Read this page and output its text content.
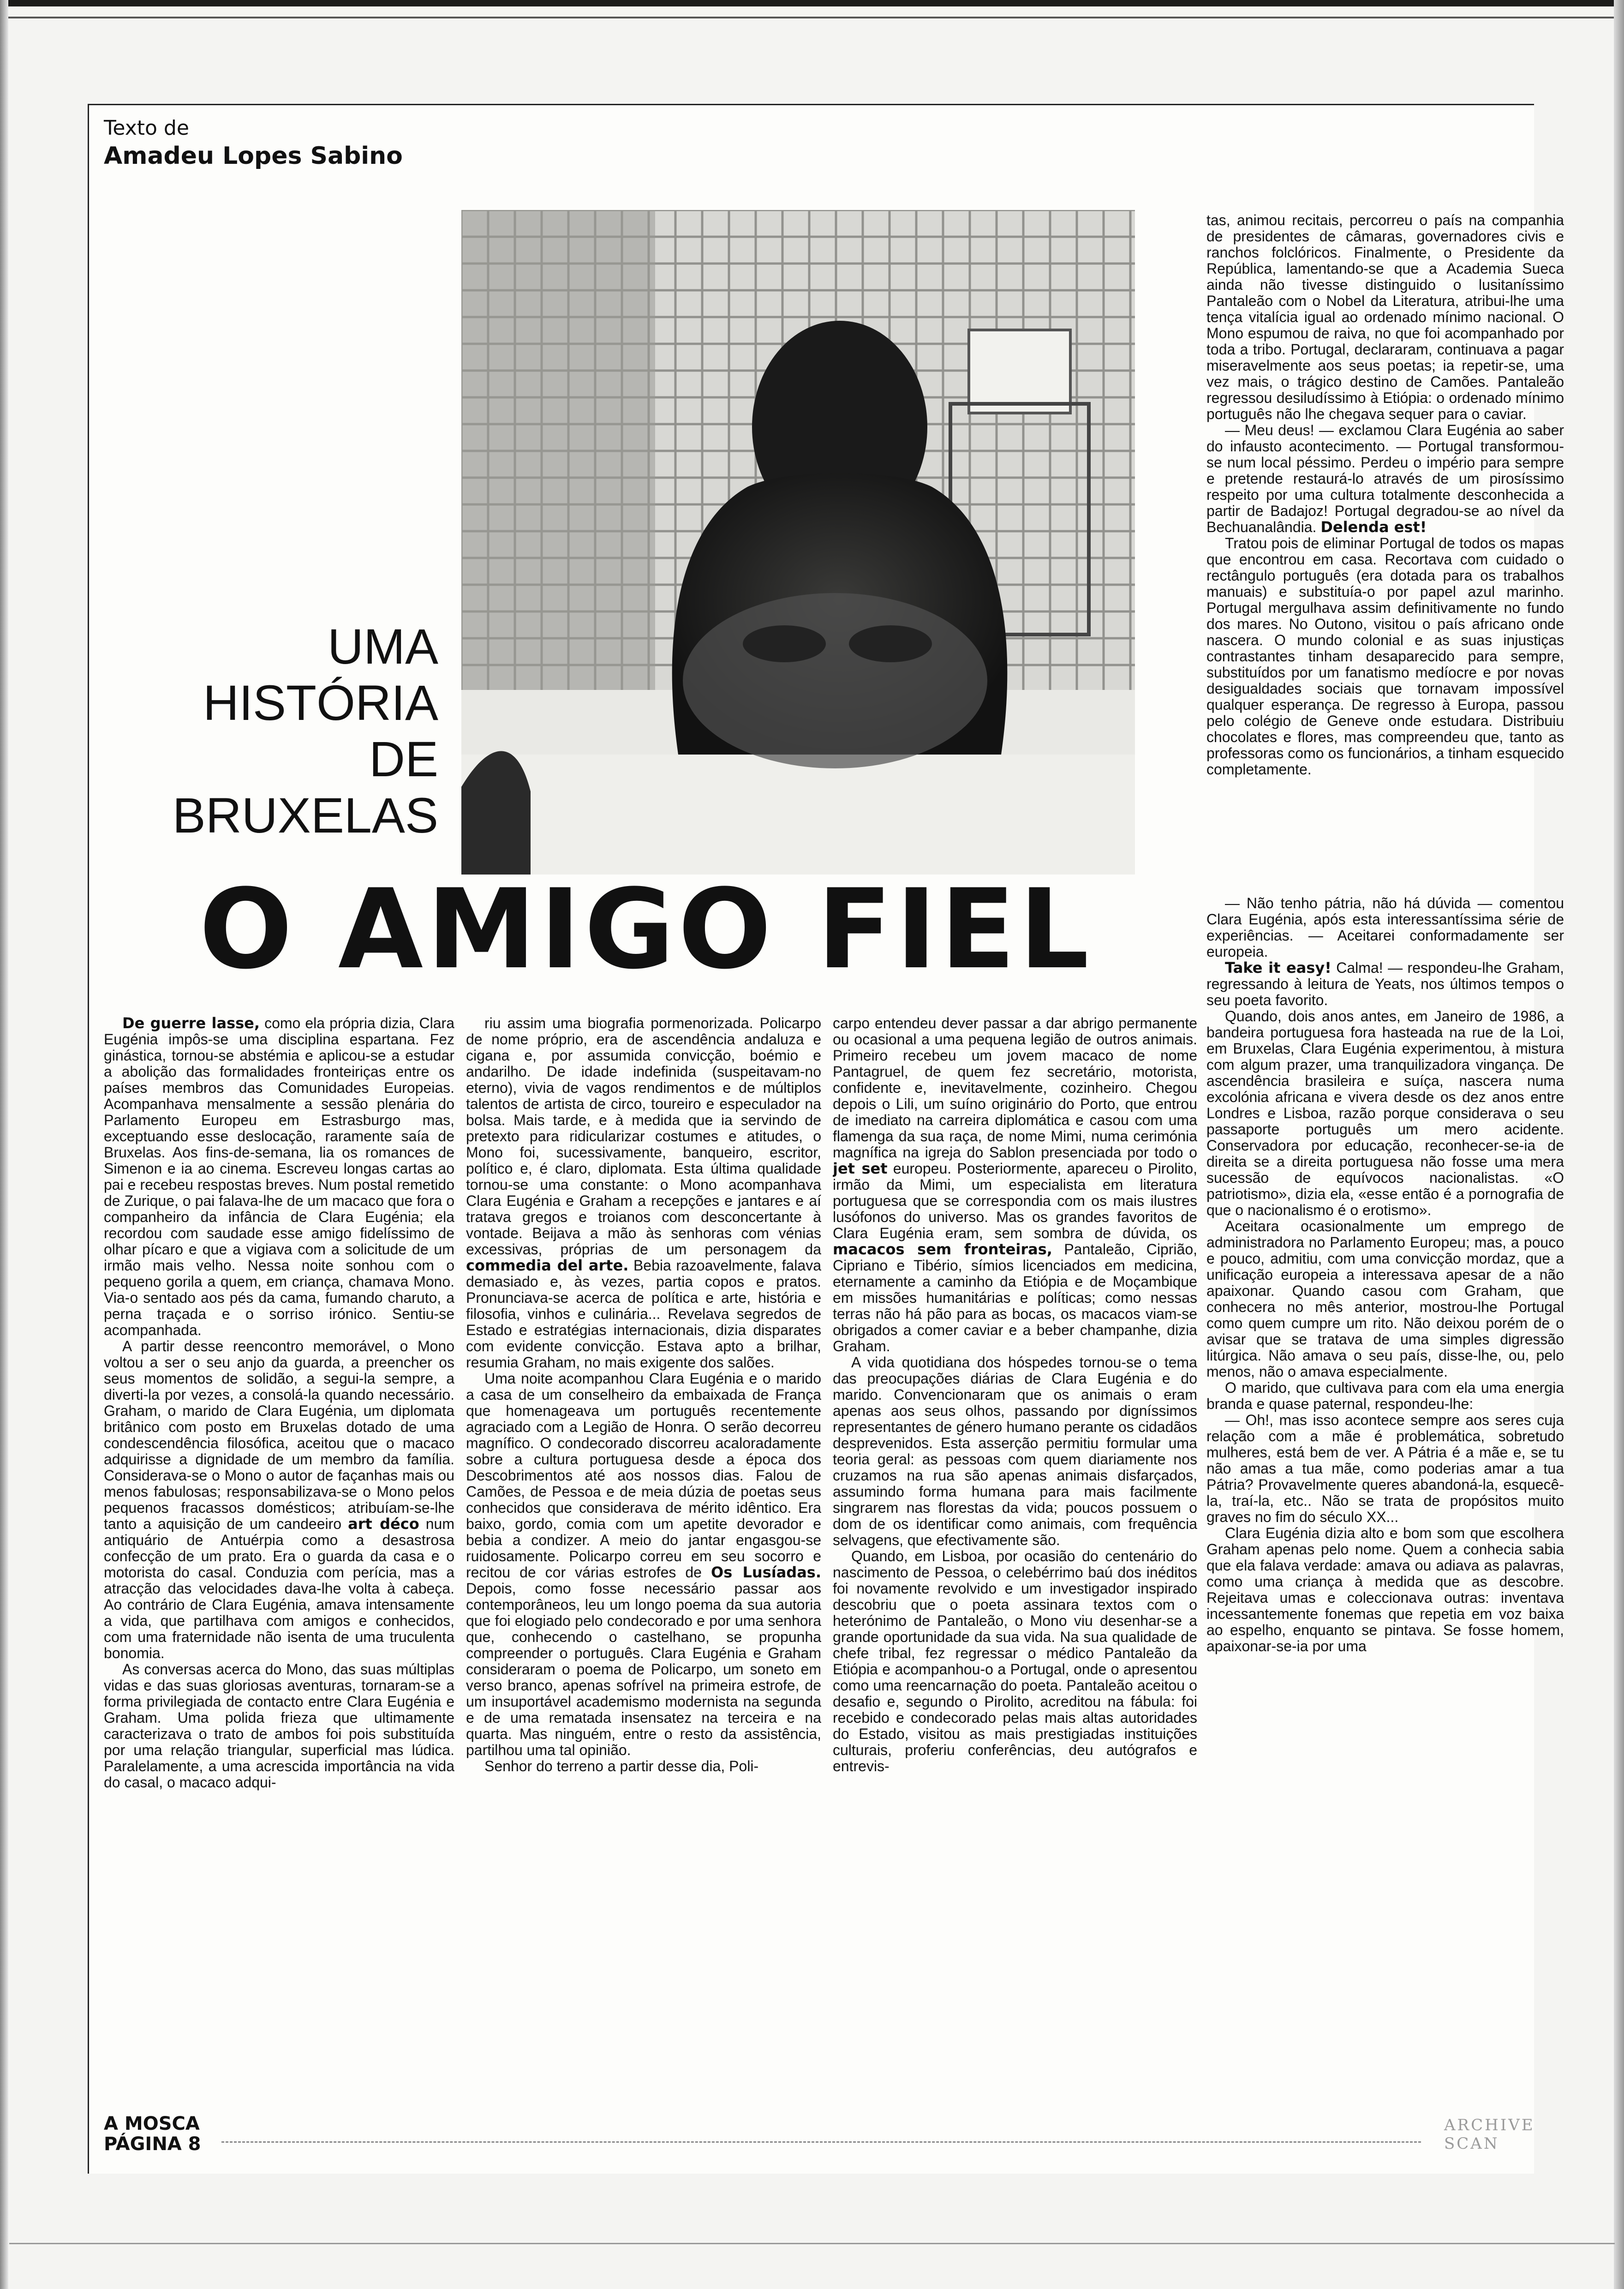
Texto de
Amadeu Lopes Sabino
UMA
HISTÓRIA
DE
BRUXELAS
O AMIGO FIEL

tas, animou recitais, percorreu o país na companhia de presidentes de câmaras, governadores civis e ranchos folclóricos. Finalmente, o Presidente da República, lamentando-se que a Academia Sueca ainda não tivesse distinguido o lusitaníssimo Pantaleão com o Nobel da Literatura, atribui-lhe uma tença vitalícia igual ao ordenado mínimo nacional. O Mono espumou de raiva, no que foi acompanhado por toda a tribo. Portugal, declararam, continuava a pagar miseravelmente aos seus poetas; ia repetir-se, uma vez mais, o trágico destino de Camões. Pantaleão regressou desiludíssimo à Etiópia: o ordenado mínimo português não lhe chegava sequer para o caviar.

— Meu deus! — exclamou Clara Eugénia ao saber do infausto acontecimento. — Portugal transformou-se num local péssimo. Perdeu o império para sempre e pretende restaurá-lo através de um pirosíssimo respeito por uma cultura totalmente desconhecida a partir de Badajoz! Portugal degradou-se ao nível da Bechuanalândia. Delenda est!

Tratou pois de eliminar Portugal de todos os mapas que encontrou em casa. Recortava com cuidado o rectângulo português (era dotada para os trabalhos manuais) e substituía-o por papel azul marinho. Portugal mergulhava assim definitivamente no fundo dos mares. No Outono, visitou o país africano onde nascera. O mundo colonial e as suas injustiças contrastantes tinham desaparecido para sempre, substituídos por um fanatismo medíocre e por novas desigualdades sociais que tornavam impossível qualquer esperança. De regresso à Europa, passou pelo colégio de Geneve onde estudara. Distribuiu chocolates e flores, mas compreendeu que, tanto as professoras como os funcionários, a tinham esquecido completamente.

De guerre lasse, como ela própria dizia, Clara Eugénia impôs-se uma disciplina espartana. Fez ginástica, tornou-se abstémia e aplicou-se a estudar a abolição das formalidades fronteiriças entre os países membros das Comunidades Europeias. Acompanhava mensalmente a sessão plenária do Parlamento Europeu em Estrasburgo mas, exceptuando esse deslocação, raramente saía de Bruxelas. Aos fins-de-semana, lia os romances de Simenon e ia ao cinema. Escreveu longas cartas ao pai e recebeu respostas breves. Num postal remetido de Zurique, o pai falava-lhe de um macaco que fora o companheiro da infância de Clara Eugénia; ela recordou com saudade esse amigo fidelíssimo de olhar pícaro e que a vigiava com a solicitude de um irmão mais velho. Nessa noite sonhou com o pequeno gorila a quem, em criança, chamava Mono. Via-o sentado aos pés da cama, fumando charuto, a perna traçada e o sorriso irónico. Sentiu-se acompanhada.

A partir desse reencontro memorável, o Mono voltou a ser o seu anjo da guarda, a preencher os seus momentos de solidão, a segui-la sempre, a diverti-la por vezes, a consolá-la quando necessário. Graham, o marido de Clara Eugénia, um diplomata britânico com posto em Bruxelas dotado de uma condescendência filosófica, aceitou que o macaco adquirisse a dignidade de um membro da família. Considerava-se o Mono o autor de façanhas mais ou menos fabulosas; responsabilizava-se o Mono pelos pequenos fracassos domésticos; atribuíam-se-lhe tanto a aquisição de um candeeiro art déco num antiquário de Antuérpia como a desastrosa confecção de um prato. Era o guarda da casa e o motorista do casal. Conduzia com perícia, mas a atracção das velocidades dava-lhe volta à cabeça. Ao contrário de Clara Eugénia, amava intensamente a vida, que partilhava com amigos e conhecidos, com uma fraternidade não isenta de uma truculenta bonomia.

As conversas acerca do Mono, das suas múltiplas vidas e das suas gloriosas aventuras, tornaram-se a forma privilegiada de contacto entre Clara Eugénia e Graham. Uma polida frieza que ultimamente caracterizava o trato de ambos foi pois substituída por uma relação triangular, superficial mas lúdica. Paralelamente, a uma acrescida importância na vida do casal, o macaco adqui-

riu assim uma biografia pormenorizada. Policarpo de nome próprio, era de ascendência andaluza e cigana e, por assumida convicção, boémio e andarilho. De idade indefinida (suspeitavam-no eterno), vivia de vagos rendimentos e de múltiplos talentos de artista de circo, toureiro e especulador na bolsa. Mais tarde, e à medida que ia servindo de pretexto para ridicularizar costumes e atitudes, o Mono foi, sucessivamente, banqueiro, escritor, político e, é claro, diplomata. Esta última qualidade tornou-se uma constante: o Mono acompanhava Clara Eugénia e Graham a recepções e jantares e aí tratava gregos e troianos com desconcertante à vontade. Beijava a mão às senhoras com vénias excessivas, próprias de um personagem da commedia del arte. Bebia razoavelmente, falava demasiado e, às vezes, partia copos e pratos. Pronunciava-se acerca de política e arte, história e filosofia, vinhos e culinária... Revelava segredos de Estado e estratégias internacionais, dizia disparates com evidente convicção. Estava apto a brilhar, resumia Graham, no mais exigente dos salões.

Uma noite acompanhou Clara Eugénia e o marido a casa de um conselheiro da embaixada de França que homenageava um português recentemente agraciado com a Legião de Honra. O serão decorreu magnífico. O condecorado discorreu acaloradamente sobre a cultura portuguesa desde a época dos Descobrimentos até aos nossos dias. Falou de Camões, de Pessoa e de meia dúzia de poetas seus conhecidos que considerava de mérito idêntico. Era baixo, gordo, comia com um apetite devorador e bebia a condizer. A meio do jantar engasgou-se ruidosamente. Policarpo correu em seu socorro e recitou de cor várias estrofes de Os Lusíadas. Depois, como fosse necessário passar aos contemporâneos, leu um longo poema da sua autoria que foi elogiado pelo condecorado e por uma senhora que, conhecendo o castelhano, se propunha compreender o português. Clara Eugénia e Graham consideraram o poema de Policarpo, um soneto em verso branco, apenas sofrível na primeira estrofe, de um insuportável academismo modernista na segunda e de uma rematada insensatez na terceira e na quarta. Mas ninguém, entre o resto da assistência, partilhou uma tal opinião.

Senhor do terreno a partir desse dia, Poli-

carpo entendeu dever passar a dar abrigo permanente ou ocasional a uma pequena legião de outros animais. Primeiro recebeu um jovem macaco de nome Pantagruel, de quem fez secretário, motorista, confidente e, inevitavelmente, cozinheiro. Chegou depois o Lili, um suíno originário do Porto, que entrou de imediato na carreira diplomática e casou com uma flamenga da sua raça, de nome Mimi, numa cerimónia magnífica na igreja do Sablon presenciada por todo o jet set europeu. Posteriormente, apareceu o Pirolito, irmão da Mimi, um especialista em literatura portuguesa que se correspondia com os mais ilustres lusófonos do universo. Mas os grandes favoritos de Clara Eugénia eram, sem sombra de dúvida, os macacos sem fronteiras, Pantaleão, Ciprião, Cipriano e Tibério, símios licenciados em medicina, eternamente a caminho da Etiópia e de Moçambique em missões humanitárias e políticas; como nessas terras não há pão para as bocas, os macacos viam-se obrigados a comer caviar e a beber champanhe, dizia Graham.

A vida quotidiana dos hóspedes tornou-se o tema das preocupações diárias de Clara Eugénia e do marido. Convencionaram que os animais o eram apenas aos seus olhos, passando por digníssimos representantes de género humano perante os cidadãos desprevenidos. Esta asserção permitiu formular uma teoria geral: as pessoas com quem diariamente nos cruzamos na rua são apenas animais disfarçados, assumindo forma humana para mais facilmente singrarem nas florestas da vida; poucos possuem o dom de os identificar como animais, com frequência selvagens, que efectivamente são.

Quando, em Lisboa, por ocasião do centenário do nascimento de Pessoa, o celebérrimo baú dos inéditos foi novamente revolvido e um investigador inspirado descobriu que o poeta assinara textos com o heterónimo de Pantaleão, o Mono viu desenhar-se a grande oportunidade da sua vida. Na sua qualidade de chefe tribal, fez regressar o médico Pantaleão da Etiópia e acompanhou-o a Portugal, onde o apresentou como uma reencarnação do poeta. Pantaleão aceitou o desafio e, segundo o Pirolito, acreditou na fábula: foi recebido e condecorado pelas mais altas autoridades do Estado, visitou as mais prestigiadas instituições culturais, proferiu conferências, deu autógrafos e entrevis-

— Não tenho pátria, não há dúvida — comentou Clara Eugénia, após esta interessantíssima série de experiências. — Aceitarei conformadamente ser europeia.

Take it easy! Calma! — respondeu-lhe Graham, regressando à leitura de Yeats, nos últimos tempos o seu poeta favorito.

Quando, dois anos antes, em Janeiro de 1986, a bandeira portuguesa fora hasteada na rue de la Loi, em Bruxelas, Clara Eugénia experimentou, à mistura com algum prazer, uma tranquilizadora vingança. De ascendência brasileira e suíça, nascera numa excolónia africana e vivera desde os dez anos entre Londres e Lisboa, razão porque considerava o seu passaporte português um mero acidente. Conservadora por educação, reconhecer-se-ia de direita se a direita portuguesa não fosse uma mera sucessão de equívocos nacionalistas. «O patriotismo», dizia ela, «esse então é a pornografia de que o nacionalismo é o erotismo».

Aceitara ocasionalmente um emprego de administradora no Parlamento Europeu; mas, a pouco e pouco, admitiu, com uma convicção mordaz, que a unificação europeia a interessava apesar de a não apaixonar. Quando casou com Graham, que conhecera no mês anterior, mostrou-lhe Portugal como quem cumpre um rito. Não deixou porém de o avisar que se tratava de uma simples digressão litúrgica. Não amava o seu país, disse-lhe, ou, pelo menos, não o amava especialmente.

O marido, que cultivava para com ela uma energia branda e quase paternal, respondeu-lhe:

— Oh!, mas isso acontece sempre aos seres cuja relação com a mãe é problemática, sobretudo mulheres, está bem de ver. A Pátria é a mãe e, se tu não amas a tua mãe, como poderias amar a tua Pátria? Provavelmente queres abandoná-la, esquecê-la, traí-la, etc.. Não se trata de propósitos muito graves no fim do século XX...

Clara Eugénia dizia alto e bom som que escolhera Graham apenas pelo nome. Quem a conhecia sabia que ela falava verdade: amava ou adiava as palavras, como uma criança à medida que as descobre. Rejeitava umas e coleccionava outras: inventava incessantemente fonemas que repetia em voz baixa ao espelho, enquanto se pintava. Se fosse homem, apaixonar-se-ia por uma

A MOSCA
PÁGINA 8
ARCHIVE
SCAN
